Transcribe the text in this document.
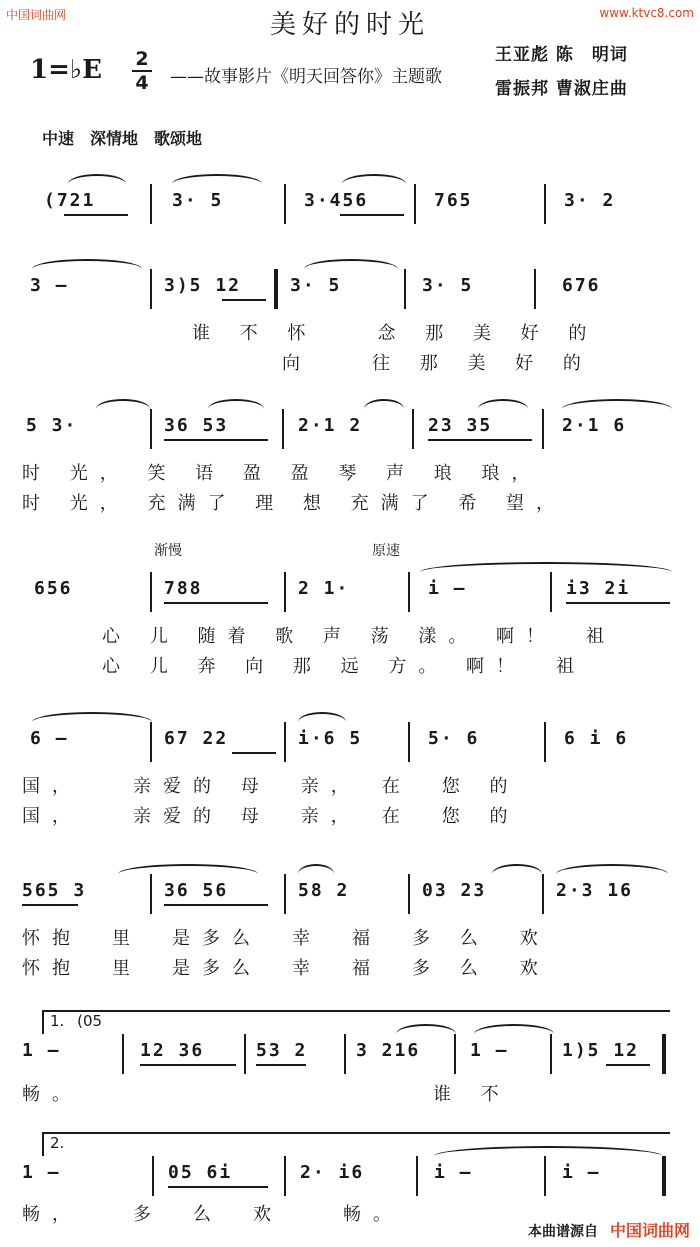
中国词曲网	www.ktvc8.com
美好的时光
1=♭E 2
4 ——故事影片《明天回答你》主题歌
王亚彪 陈　明词
雷振邦 曹淑庄曲
中速　深情地　歌颂地
(721	3· 5	3·456	765	3· 2
3 —	3)5 12	3· 5	3· 5	676
谁 不 怀　　念 那 美 好 的
　　　向　　往 那 美 好 的
5 3·	36 53	2·1 2	23 35	2·1 6
时 光， 笑 语 盈 盈 琴 声 琅 琅，
时 光， 充满了 理 想 充满了 希 望，
渐慢	原速
656	788	2 1·	i —	i3 2i
　心 儿 随着 歌 声 荡 漾。 啊！　祖
　心 儿 奔 向 那 远 方。 啊！　祖
6 —	67 22	i·6 5	5· 6	6 i 6
国，　　亲爱的 母　亲，　在　您 的
国，　　亲爱的 母　亲，　在　您 的
565 3	36 56	58 2	03 23	2·3 16
怀抱　里　是多么　幸　福　多 么　欢
怀抱　里　是多么　幸　福　多 么　欢
1. (05
1 —	12 36	53 2	3 216	1 —	1)5 12
畅。　　　　　　　　　　　　谁 不
2.
1 —	05 6i	2· i6	i —	i —
畅，　　多　么　欢　　畅。
本曲谱源自 中国词曲网
